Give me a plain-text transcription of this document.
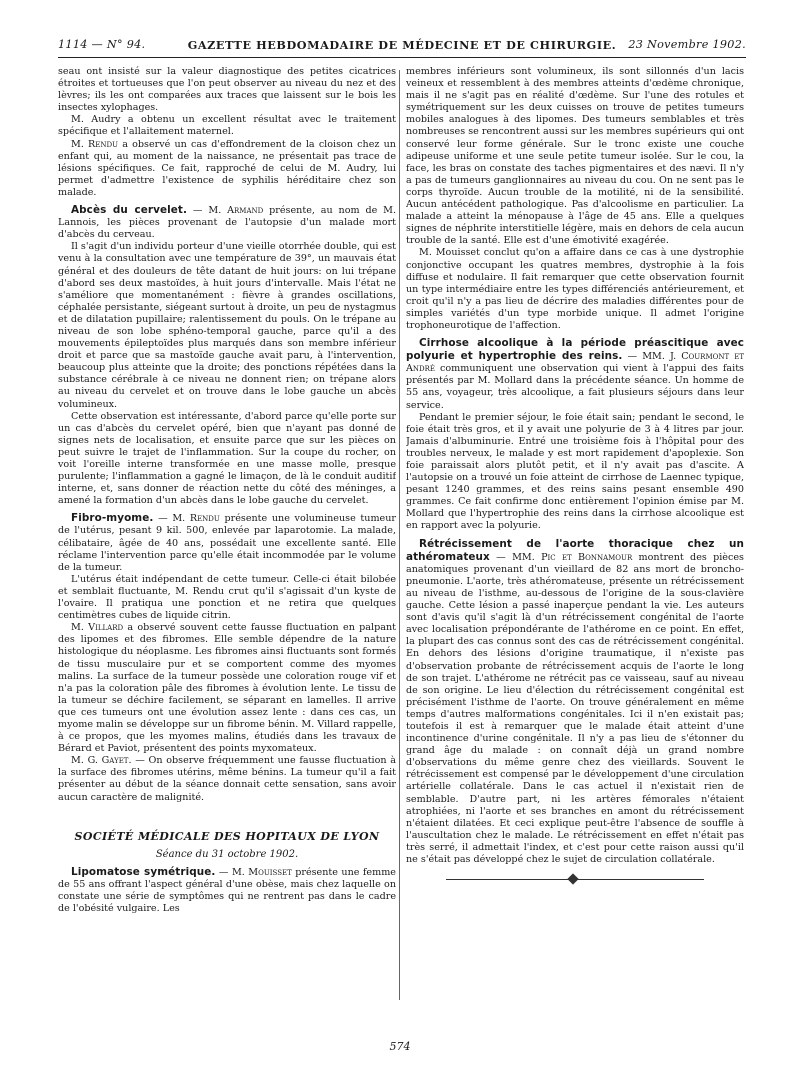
1114 — N° 94.	GAZETTE HEBDOMADAIRE DE MÉDECINE ET DE CHIRURGIE.	23 Novembre 1902.

seau ont insisté sur la valeur diagnostique des petites cicatrices étroites et tortueuses que l'on peut observer au niveau du nez et des lèvres; ils les ont comparées aux traces que laissent sur le bois les insectes xylophages.

M. Audry a obtenu un excellent résultat avec le traitement spécifique et l'allaitement maternel.

M. Rendu a observé un cas d'effondrement de la cloison chez un enfant qui, au moment de la naissance, ne présentait pas trace de lésions spécifiques. Ce fait, rapproché de celui de M. Audry, lui permet d'admettre l'existence de syphilis héréditaire chez son malade.

Abcès du cervelet. — M. Armand présente, au nom de M. Lannois, les pièces provenant de l'autopsie d'un malade mort d'abcès du cerveau.

Il s'agit d'un individu porteur d'une vieille otorrhée double, qui est venu à la consultation avec une température de 39°, un mauvais état général et des douleurs de tête datant de huit jours: on lui trépane d'abord ses deux mastoïdes, à huit jours d'intervalle. Mais l'état ne s'améliore que momentanément : fièvre à grandes oscillations, céphalée persistante, siégeant surtout à droite, un peu de nystagmus et de dilatation pupillaire; ralentissement du pouls. On le trépane au niveau de son lobe sphéno-temporal gauche, parce qu'il a des mouvements épileptoïdes plus marqués dans son membre inférieur droit et parce que sa mastoïde gauche avait paru, à l'intervention, beaucoup plus atteinte que la droite; des ponctions répétées dans la substance cérébrale à ce niveau ne donnent rien; on trépane alors au niveau du cervelet et on trouve dans le lobe gauche un abcès volumineux.

Cette observation est intéressante, d'abord parce qu'elle porte sur un cas d'abcès du cervelet opéré, bien que n'ayant pas donné de signes nets de localisation, et ensuite parce que sur les pièces on peut suivre le trajet de l'inflammation. Sur la coupe du rocher, on voit l'oreille interne transformée en une masse molle, presque purulente; l'inflammation a gagné le limaçon, de là le conduit auditif interne, et, sans donner de réaction nette du côté des méninges, a amené la formation d'un abcès dans le lobe gauche du cervelet.

Fibro-myome. — M. Rendu présente une volumineuse tumeur de l'utérus, pesant 9 kil. 500, enlevée par laparotomie. La malade, célibataire, âgée de 40 ans, possédait une excellente santé. Elle réclame l'intervention parce qu'elle était incommodée par le volume de la tumeur.

L'utérus était indépendant de cette tumeur. Celle-ci était bilobée et semblait fluctuante, M. Rendu crut qu'il s'agissait d'un kyste de l'ovaire. Il pratiqua une ponction et ne retira que quelques centimètres cubes de liquide citrin.

M. Villard a observé souvent cette fausse fluctuation en palpant des lipomes et des fibromes. Elle semble dépendre de la nature histologique du néoplasme. Les fibromes ainsi fluctuants sont formés de tissu musculaire pur et se comportent comme des myomes malins. La surface de la tumeur possède une coloration rouge vif et n'a pas la coloration pâle des fibromes à évolution lente. Le tissu de la tumeur se déchire facilement, se séparant en lamelles. Il arrive que ces tumeurs ont une évolution assez lente : dans ces cas, un myome malin se développe sur un fibrome bénin. M. Villard rappelle, à ce propos, que les myomes malins, étudiés dans les travaux de Bérard et Paviot, présentent des points myxomateux.

M. G. Gayet. — On observe fréquemment une fausse fluctuation à la surface des fibromes utérins, même bénins. La tumeur qu'il a fait présenter au début de la séance donnait cette sensation, sans avoir aucun caractère de malignité.

SOCIÉTÉ MÉDICALE DES HOPITAUX DE LYON
Séance du 31 octobre 1902.

Lipomatose symétrique. — M. Mouisset présente une femme de 55 ans offrant l'aspect général d'une obèse, mais chez laquelle on constate une série de symptômes qui ne rentrent pas dans le cadre de l'obésité vulgaire. Les

membres inférieurs sont volumineux, ils sont sillonnés d'un lacis veineux et ressemblent à des membres atteints d'œdème chronique, mais il ne s'agit pas en réalité d'œdème. Sur l'une des rotules et symétriquement sur les deux cuisses on trouve de petites tumeurs mobiles analogues à des lipomes. Des tumeurs semblables et très nombreuses se rencontrent aussi sur les membres supérieurs qui ont conservé leur forme générale. Sur le tronc existe une couche adipeuse uniforme et une seule petite tumeur isolée. Sur le cou, la face, les bras on constate des taches pigmentaires et des nævi. Il n'y a pas de tumeurs ganglionnaires au niveau du cou. On ne sent pas le corps thyroïde. Aucun trouble de la motilité, ni de la sensibilité. Aucun antécédent pathologique. Pas d'alcoolisme en particulier. La malade a atteint la ménopause à l'âge de 45 ans. Elle a quelques signes de néphrite interstitielle légère, mais en dehors de cela aucun trouble de la santé. Elle est d'une émotivité exagérée.

M. Mouisset conclut qu'on a affaire dans ce cas à une dystrophie conjonctive occupant les quatres membres, dystrophie à la fois diffuse et nodulaire. Il fait remarquer que cette observation fournit un type intermédiaire entre les types différenciés antérieurement, et croit qu'il n'y a pas lieu de décrire des maladies différentes pour de simples variétés d'un type morbide unique. Il admet l'origine trophoneurotique de l'affection.

Cirrhose alcoolique à la période préascitique avec polyurie et hypertrophie des reins. — MM. J. Courmont et André communiquent une observation qui vient à l'appui des faits présentés par M. Mollard dans la précédente séance. Un homme de 55 ans, voyageur, très alcoolique, a fait plusieurs séjours dans leur service.

Pendant le premier séjour, le foie était sain; pendant le second, le foie était très gros, et il y avait une polyurie de 3 à 4 litres par jour. Jamais d'albuminurie. Entré une troisième fois à l'hôpital pour des troubles nerveux, le malade y est mort rapidement d'apoplexie. Son foie paraissait alors plutôt petit, et il n'y avait pas d'ascite. A l'autopsie on a trouvé un foie atteint de cirrhose de Laennec typique, pesant 1240 grammes, et des reins sains pesant ensemble 490 grammes. Ce fait confirme donc entièrement l'opinion émise par M. Mollard que l'hypertrophie des reins dans la cirrhose alcoolique est en rapport avec la polyurie.

Rétrécissement de l'aorte thoracique chez un athéromateux — MM. Pic et Bonnamour montrent des pièces anatomiques provenant d'un vieillard de 82 ans mort de broncho-pneumonie. L'aorte, très athéromateuse, présente un rétrécissement au niveau de l'isthme, au-dessous de l'origine de la sous-clavière gauche. Cette lésion a passé inaperçue pendant la vie. Les auteurs sont d'avis qu'il s'agit là d'un rétrécissement congénital de l'aorte avec localisation prépondérante de l'athérome en ce point. En effet, la plupart des cas connus sont des cas de rétrécissement congénital. En dehors des lésions d'origine traumatique, il n'existe pas d'observation probante de rétrécissement acquis de l'aorte le long de son trajet. L'athérome ne rétrécit pas ce vaisseau, sauf au niveau de son origine. Le lieu d'élection du rétrécissement congénital est précisément l'isthme de l'aorte. On trouve généralement en même temps d'autres malformations congénitales. Ici il n'en existait pas; toutefois il est à remarquer que le malade était atteint d'une incontinence d'urine congénitale. Il n'y a pas lieu de s'étonner du grand âge du malade : on connaît déjà un grand nombre d'observations du même genre chez des vieillards. Souvent le rétrécissement est compensé par le développement d'une circulation artérielle collatérale. Dans le cas actuel il n'existait rien de semblable. D'autre part, ni les artères fémorales n'étaient atrophiées, ni l'aorte et ses branches en amont du rétrécissement n'étaient dilatées. Et ceci explique peut-être l'absence de souffle à l'auscultation chez le malade. Le rétrécissement en effet n'était pas très serré, il admettait l'index, et c'est pour cette raison aussi qu'il ne s'était pas développé chez le sujet de circulation collatérale.

574
